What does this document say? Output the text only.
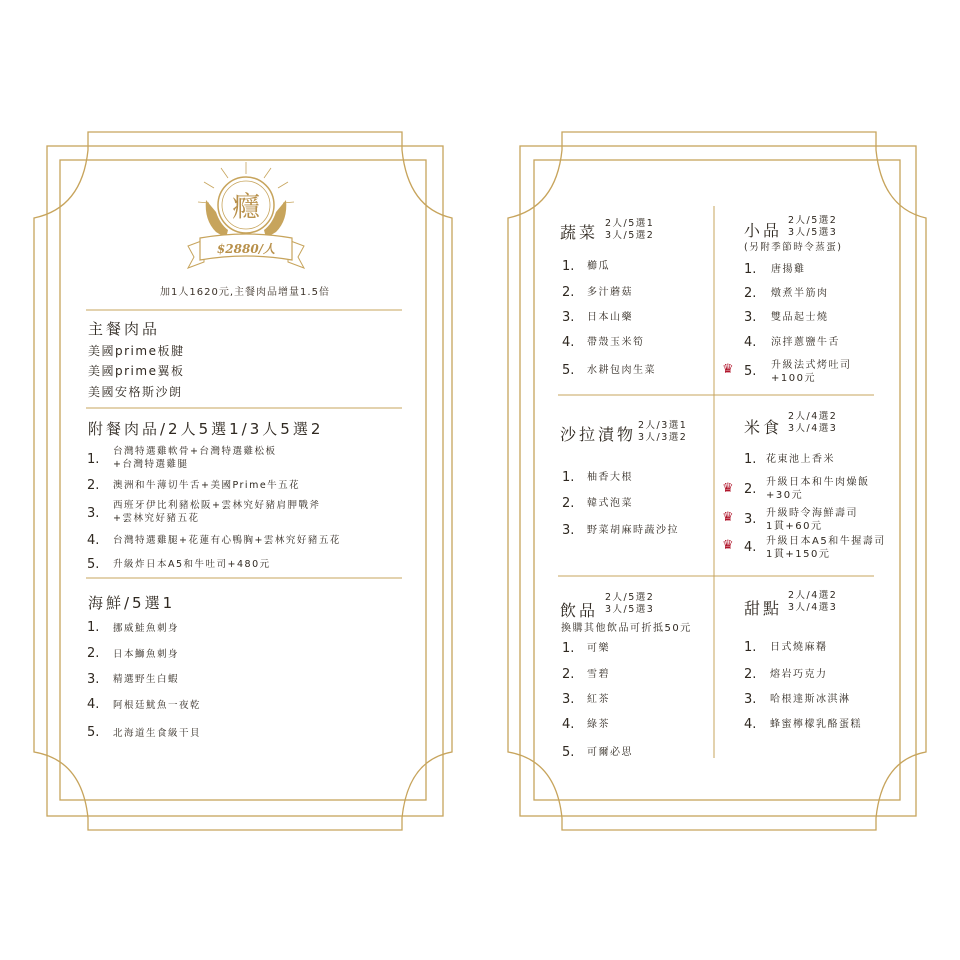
癮
$2880/人
加1人1620元,主餐肉品增量1.5倍
主餐肉品
美國prime板腱
美國prime翼板
美國安格斯沙朗
附餐肉品/2人5選1/3人5選2
1.
台灣特選雞軟骨+台灣特選雞松板
+台灣特選雞腿
2. 澳洲和牛薄切牛舌+美國Prime牛五花
3.
西班牙伊比利豬松阪+雲林究好豬肩胛戰斧
+雲林究好豬五花
4. 台灣特選雞腿+花蓮有心鴨胸+雲林究好豬五花
5. 升級炸日本A5和牛吐司+480元
海鮮/5選1
1. 挪威鮭魚刺身
2. 日本鰤魚刺身
3. 精選野生白蝦
4. 阿根廷魷魚一夜乾
5. 北海道生食級干貝
蔬菜 2人/5選1
3人/5選2
1. 櫛瓜
2. 多汁蘑菇
3. 日本山藥
4. 帶殼玉米筍
5. 水耕包肉生菜
小品
2人/5選2
3人/5選3
(另附季節時令蒸蛋)
1. 唐揚雞
2. 燉煮半筋肉
3. 雙品起士燒
4. 涼拌蔥鹽牛舌
♛ 5. 升級法式烤吐司
+100元
沙拉漬物 2人/3選1
3人/3選2
1. 柚香大根
2. 韓式泡菜
3. 野菜胡麻時蔬沙拉
米食
2人/4選2
3人/4選3
1. 花東池上香米
♛ 2. 升級日本和牛肉燥飯
+30元
♛ 3. 升級時令海鮮壽司
1貫+60元
♛ 4. 升級日本A5和牛握壽司
1貫+150元
飲品
2人/5選2
3人/5選3
換購其他飲品可折抵50元
1. 可樂
2. 雪碧
3. 紅茶
4. 綠茶
5. 可爾必思
甜點
2人/4選2
3人/4選3
1. 日式燒麻糬
2. 熔岩巧克力
3. 哈根達斯冰淇淋
4. 蜂蜜檸檬乳酪蛋糕
